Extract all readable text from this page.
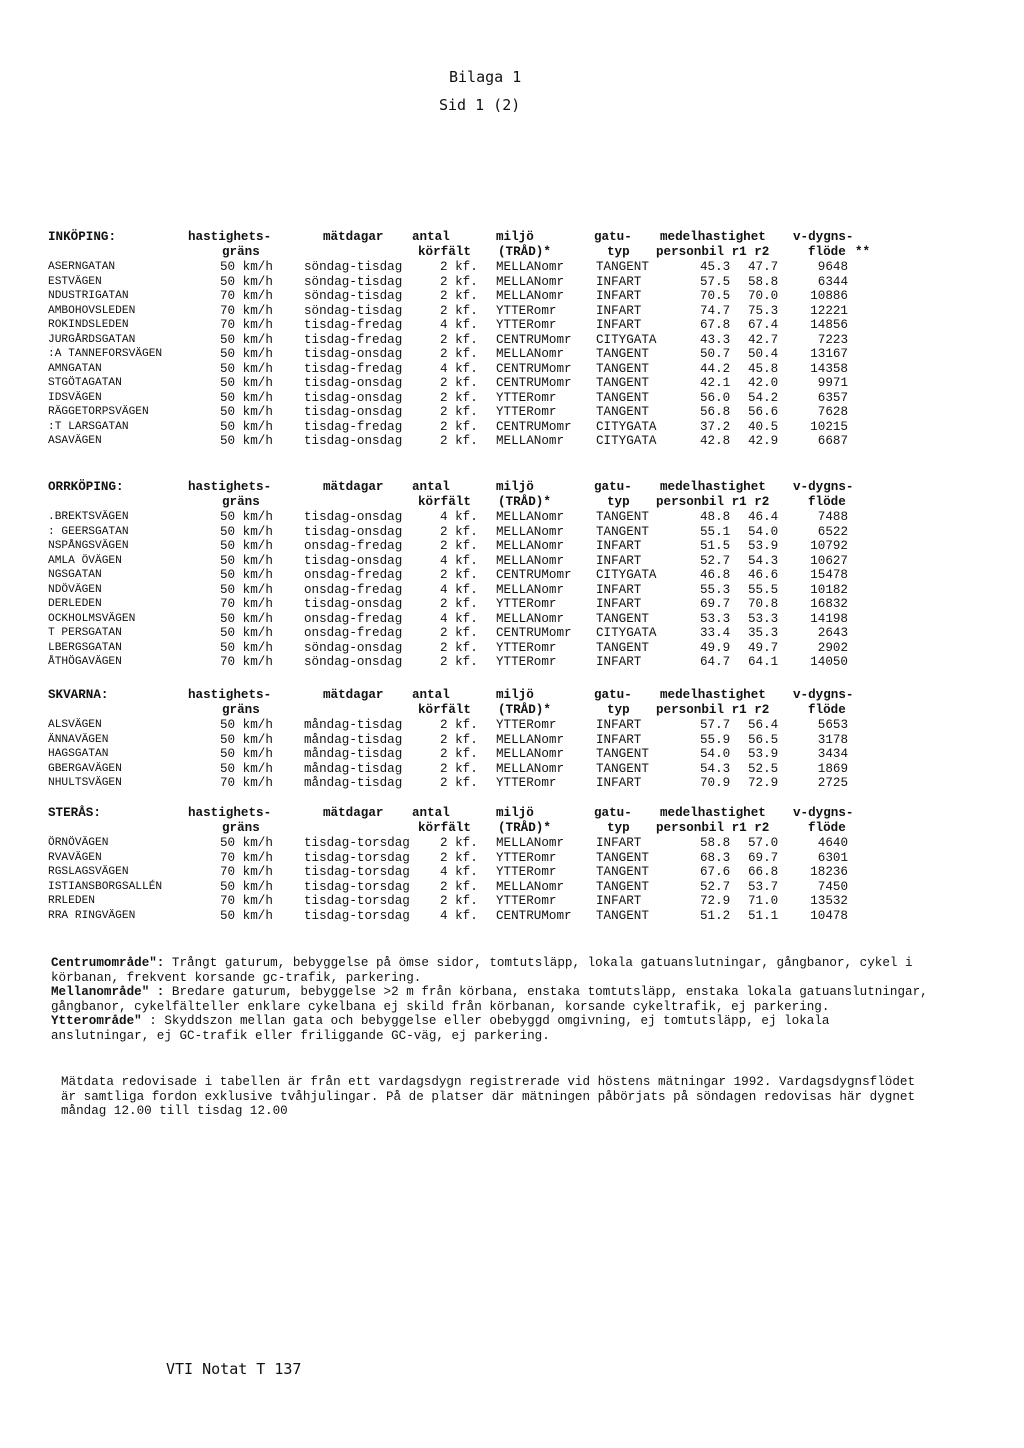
Bilaga 1
Sid 1 (2)
INKÖPING:	hastighets-	mätdagar antal	miljö	gatu- medelhastighet v-dygns-
gräns	körfält (TRÅD)*	typ personbil r1 r2	flöde **
ASERNGATAN	50 km/h söndag-tisdag	2 kf. MELLANomr	TANGENT	45.3 47.7	9648
ESTVÄGEN	50 km/h söndag-tisdag	2 kf. MELLANomr	INFART	57.5 58.8	6344
NDUSTRIGATAN	70 km/h söndag-tisdag	2 kf. MELLANomr	INFART	70.5 70.0	10886
AMBOHOVSLEDEN	70 km/h söndag-tisdag	2 kf. YTTERomr	INFART	74.7 75.3	12221
ROKINDSLEDEN	70 km/h tisdag-fredag	4 kf. YTTERomr	INFART	67.8 67.4	14856
JURGÅRDSGATAN	50 km/h tisdag-fredag	2 kf. CENTRUMomr CITYGATA	43.3 42.7	7223
:A TANNEFORSVÄGEN	50 km/h tisdag-onsdag	2 kf. MELLANomr	TANGENT	50.7 50.4	13167
AMNGATAN	50 km/h tisdag-fredag	4 kf. CENTRUMomr TANGENT	44.2 45.8	14358
STGÖTAGATAN	50 km/h tisdag-onsdag	2 kf. CENTRUMomr TANGENT	42.1 42.0	9971
IDSVÄGEN	50 km/h tisdag-onsdag	2 kf. YTTERomr	TANGENT	56.0 54.2	6357
RÄGGETORPSVÄGEN	50 km/h tisdag-onsdag	2 kf. YTTERomr	TANGENT	56.8 56.6	7628
:T LARSGATAN	50 km/h tisdag-fredag	2 kf. CENTRUMomr CITYGATA	37.2 40.5	10215
ASAVÄGEN	50 km/h tisdag-onsdag	2 kf. MELLANomr	CITYGATA	42.8 42.9	6687
ORRKÖPING:	hastighets-	mätdagar antal	miljö	gatu- medelhastighet v-dygns-
gräns	körfält (TRÅD)*	typ personbil r1 r2	flöde
.BREKTSVÄGEN	50 km/h tisdag-onsdag	4 kf. MELLANomr	TANGENT	48.8 46.4	7488
: GEERSGATAN	50 km/h tisdag-onsdag	2 kf. MELLANomr	TANGENT	55.1 54.0	6522
NSPÅNGSVÄGEN	50 km/h onsdag-fredag	2 kf. MELLANomr	INFART	51.5 53.9	10792
AMLA ÖVÄGEN	50 km/h tisdag-onsdag	4 kf. MELLANomr	INFART	52.7 54.3	10627
NGSGATAN	50 km/h onsdag-fredag	2 kf. CENTRUMomr CITYGATA	46.8 46.6	15478
NDÖVÄGEN	50 km/h onsdag-fredag	4 kf. MELLANomr	INFART	55.3 55.5	10182
DERLEDEN	70 km/h tisdag-onsdag	2 kf. YTTERomr	INFART	69.7 70.8	16832
OCKHOLMSVÄGEN	50 km/h onsdag-fredag	4 kf. MELLANomr	TANGENT	53.3 53.3	14198
T PERSGATAN	50 km/h onsdag-fredag	2 kf. CENTRUMomr CITYGATA	33.4 35.3	2643
LBERGSGATAN	50 km/h söndag-onsdag	2 kf. YTTERomr	TANGENT	49.9 49.7	2902
ÅTHÖGAVÄGEN	70 km/h söndag-onsdag	2 kf. YTTERomr	INFART	64.7 64.1	14050
SKVARNA:	hastighets-	mätdagar antal	miljö	gatu- medelhastighet v-dygns-
gräns	körfält (TRÅD)*	typ personbil r1 r2	flöde
ALSVÄGEN	50 km/h måndag-tisdag	2 kf. YTTERomr	INFART	57.7 56.4	5653
ÄNNAVÄGEN	50 km/h måndag-tisdag	2 kf. MELLANomr	INFART	55.9 56.5	3178
HAGSGATAN	50 km/h måndag-tisdag	2 kf. MELLANomr	TANGENT	54.0 53.9	3434
GBERGAVÄGEN	50 km/h måndag-tisdag	2 kf. MELLANomr	TANGENT	54.3 52.5	1869
NHULTSVÄGEN	70 km/h måndag-tisdag	2 kf. YTTERomr	INFART	70.9 72.9	2725
STERÅS:	hastighets-	mätdagar antal	miljö	gatu- medelhastighet v-dygns-
gräns	körfält (TRÅD)*	typ personbil r1 r2	flöde
ÖRNÖVÄGEN	50 km/h tisdag-torsdag 2 kf. MELLANomr	INFART	58.8 57.0	4640
RVAVÄGEN	70 km/h tisdag-torsdag 2 kf. YTTERomr	TANGENT	68.3 69.7	6301
RGSLAGSVÄGEN	70 km/h tisdag-torsdag 4 kf. YTTERomr	TANGENT	67.6 66.8	18236
ISTIANSBORGSALLÉN	50 km/h tisdag-torsdag 2 kf. MELLANomr	TANGENT	52.7 53.7	7450
RRLEDEN	70 km/h tisdag-torsdag 2 kf. YTTERomr	INFART	72.9 71.0	13532
RRA RINGVÄGEN	50 km/h tisdag-torsdag 4 kf. CENTRUMomr TANGENT	51.2 51.1	10478

Centrumområde": Trångt gaturum, bebyggelse på ömse sidor, tomtutsläpp, lokala gatuanslutningar, gångbanor, cykel i körbanan, frekvent korsande gc-trafik, parkering.

Mellanområde" : Bredare gaturum, bebyggelse >2 m från körbana, enstaka tomtutsläpp, enstaka lokala gatuanslutningar, gångbanor, cykelfälteller enklare cykelbana ej skild från körbanan, korsande cykeltrafik, ej parkering.

Ytterområde" : Skyddszon mellan gata och bebyggelse eller obebyggd omgivning, ej tomtutsläpp, ej lokala anslutningar, ej GC-trafik eller friliggande GC-väg, ej parkering.

Mätdata redovisade i tabellen är från ett vardagsdygn registrerade vid höstens mätningar 1992. Vardagsdygnsflödet är samtliga fordon exklusive tvåhjulingar. På de platser där mätningen påbörjats på söndagen redovisas här dygnet måndag 12.00 till tisdag 12.00

VTI Notat T 137
